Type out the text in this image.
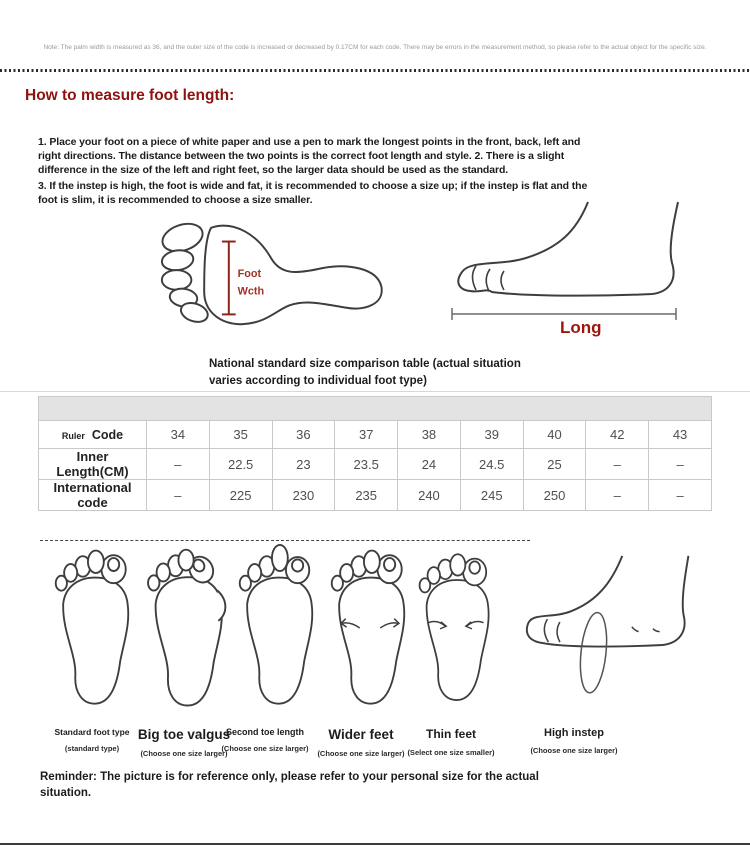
Note: The palm width is measured as 36, and the outer size of the code is increased or decreased by 0.17CM for each code. There may be errors in the measurement method, so please refer to the actual object for the specific size.
How to measure foot length:

1. Place your foot on a piece of white paper and use a pen to mark the longest points in the front, back, left and right directions. The distance between the two points is the correct foot length and style. 2. There is a slight difference in the size of the left and right feet, so the larger data should be used as the standard.

3. If the instep is high, the foot is wide and fat, it is recommended to choose a size up; if the instep is flat and the foot is slim, it is recommended to choose a size smaller.

Foot
Wcth
Long
National standard size comparison table (actual situation varies according to individual foot type)

Ruler Code	34	35	36	37	38	39	40	42	43
Inner Length(CM)	–	22.5	23	23.5	24	24.5	25	–	–
International code	–	225	230	235	240	245	250	–	–
Standard foot type
(standard type)
Big toe valgus
(Choose one size larger)
Second toe length
(Choose one size larger)
Wider feet
(Choose one size larger)
Thin feet
(Select one size smaller)
High instep
(Choose one size larger)
Reminder: The picture is for reference only, please refer to your personal size for the actual situation.
